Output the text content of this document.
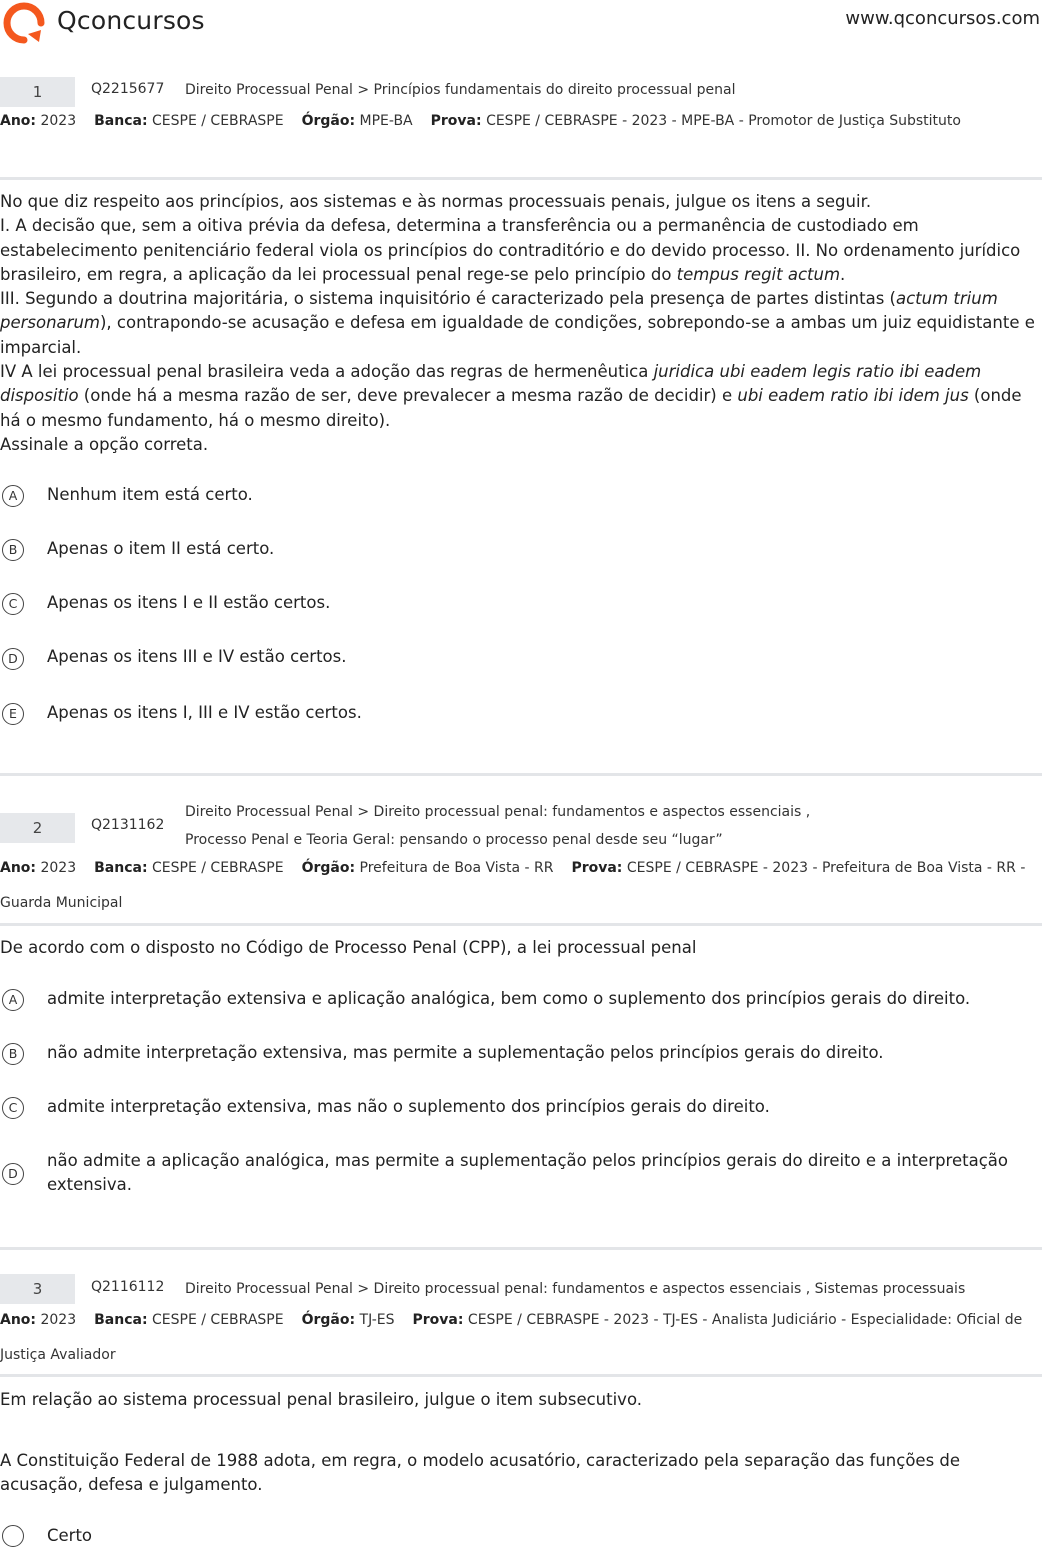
Qconcursos	www.qconcursos.com
1	Q2215677 Direito Processual Penal > Princípios fundamentais do direito processual penal
Ano: 2023 Banca: CESPE / CEBRASPE Órgão: MPE-BA Prova: CESPE / CEBRASPE - 2023 - MPE-BA - Promotor de Justiça Substituto

No que diz respeito aos princípios, aos sistemas e às normas processuais penais, julgue os itens a seguir.

I. A decisão que, sem a oitiva prévia da defesa, determina a transferência ou a permanência de custodiado em estabelecimento penitenciário federal viola os princípios do contraditório e do devido processo. II. No ordenamento jurídico brasileiro, em regra, a aplicação da lei processual penal rege-se pelo princípio do tempus regit actum.

III. Segundo a doutrina majoritária, o sistema inquisitório é caracterizado pela presença de partes distintas (actum trium personarum), contrapondo-se acusação e defesa em igualdade de condições, sobrepondo-se a ambas um juiz equidistante e imparcial.

IV A lei processual penal brasileira veda a adoção das regras de hermenêutica juridica ubi eadem legis ratio ibi eadem dispositio (onde há a mesma razão de ser, deve prevalecer a mesma razão de decidir) e ubi eadem ratio ibi idem jus (onde há o mesmo fundamento, há o mesmo direito).

Assinale a opção correta.

A	Nenhum item está certo.
B	Apenas o item II está certo.
C	Apenas os itens I e II estão certos.
D	Apenas os itens III e IV estão certos.
E	Apenas os itens I, III e IV estão certos.
2	Q2131162
Direito Processual Penal > Direito processual penal: fundamentos e aspectos essenciais ,
Processo Penal e Teoria Geral: pensando o processo penal desde seu “lugar”
Ano: 2023 Banca: CESPE / CEBRASPE Órgão: Prefeitura de Boa Vista - RR Prova: CESPE / CEBRASPE - 2023 - Prefeitura de Boa Vista - RR - Guarda Municipal

De acordo com o disposto no Código de Processo Penal (CPP), a lei processual penal

A	admite interpretação extensiva e aplicação analógica, bem como o suplemento dos princípios gerais do direito.
B	não admite interpretação extensiva, mas permite a suplementação pelos princípios gerais do direito.
C	admite interpretação extensiva, mas não o suplemento dos princípios gerais do direito.
D
não admite a aplicação analógica, mas permite a suplementação pelos princípios gerais do direito e a interpretação extensiva.
3	Q2116112 Direito Processual Penal > Direito processual penal: fundamentos e aspectos essenciais , Sistemas processuais
Ano: 2023 Banca: CESPE / CEBRASPE Órgão: TJ-ES Prova: CESPE / CEBRASPE - 2023 - TJ-ES - Analista Judiciário - Especialidade: Oficial de Justiça Avaliador

Em relação ao sistema processual penal brasileiro, julgue o item subsecutivo.

A Constituição Federal de 1988 adota, em regra, o modelo acusatório, caracterizado pela separação das funções de acusação, defesa e julgamento.

Certo
